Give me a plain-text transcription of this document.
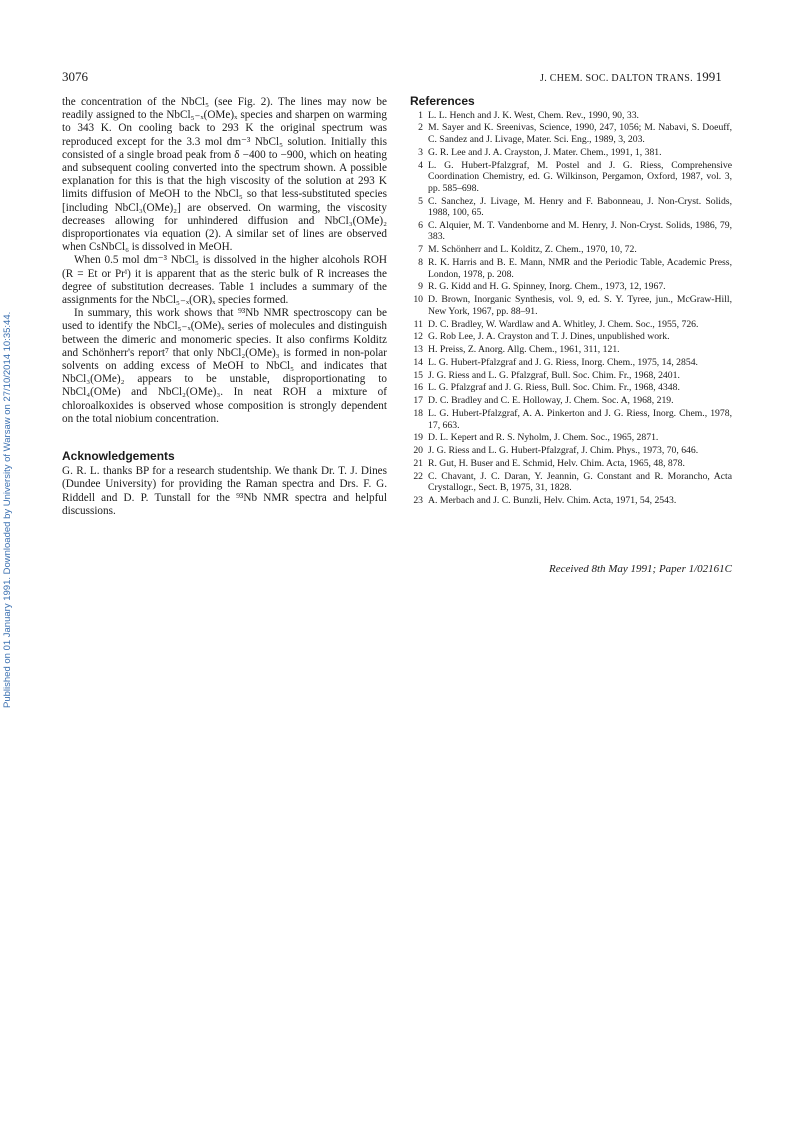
3076	J. CHEM. SOC. DALTON TRANS. 1991
Published on 01 January 1991. Downloaded by University of Warsaw on 27/10/2014 10:35:44.

the concentration of the NbCl₅ (see Fig. 2). The lines may now be readily assigned to the NbCl₅₋ₓ(OMe)ₓ species and sharpen on warming to 343 K. On cooling back to 293 K the original spectrum was reproduced except for the 3.3 mol dm⁻³ NbCl₅ solution. Initially this consisted of a single broad peak from δ −400 to −900, which on heating and subsequent cooling converted into the spectrum shown. A possible explanation for this is that the high viscosity of the solution at 293 K limits diffusion of MeOH to the NbCl₅ so that less-substituted species [including NbCl₃(OMe)₂] are observed. On warming, the viscosity decreases allowing for unhindered diffusion and NbCl₃(OMe)₂ disproportionates via equation (2). A similar set of lines are observed when CsNbCl₆ is dissolved in MeOH.

When 0.5 mol dm⁻³ NbCl₅ is dissolved in the higher alcohols ROH (R = Et or Prⁱ) it is apparent that as the steric bulk of R increases the degree of substitution decreases. Table 1 includes a summary of the assignments for the NbCl₅₋ₓ(OR)ₓ species formed.

In summary, this work shows that ⁹³Nb NMR spectroscopy can be used to identify the NbCl₅₋ₓ(OMe)ₓ series of molecules and distinguish between the dimeric and monomeric species. It also confirms Kolditz and Schönherr's report⁷ that only NbCl₂(OMe)₃ is formed in non-polar solvents on adding excess of MeOH to NbCl₅ and indicates that NbCl₃(OMe)₂ appears to be unstable, disproportionating to NbCl₄(OMe) and NbCl₂(OMe)₃. In neat ROH a mixture of chloroalkoxides is observed whose composition is strongly dependent on the total niobium concentration.

Acknowledgements
G. R. L. thanks BP for a research studentship. We thank Dr. T. J. Dines (Dundee University) for providing the Raman spectra and Drs. F. G. Riddell and D. P. Tunstall for the ⁹³Nb NMR spectra and helpful discussions.
References
1 L. L. Hench and J. K. West, Chem. Rev., 1990, 90, 33.
2 M. Sayer and K. Sreenivas, Science, 1990, 247, 1056; M. Nabavi, S. Doeuff, C. Sandez and J. Livage, Mater. Sci. Eng., 1989, 3, 203.
3 G. R. Lee and J. A. Crayston, J. Mater. Chem., 1991, 1, 381.
4 L. G. Hubert-Pfalzgraf, M. Postel and J. G. Riess, Comprehensive Coordination Chemistry, ed. G. Wilkinson, Pergamon, Oxford, 1987, vol. 3, pp. 585–698.
5 C. Sanchez, J. Livage, M. Henry and F. Babonneau, J. Non-Cryst. Solids, 1988, 100, 65.
6 C. Alquier, M. T. Vandenborne and M. Henry, J. Non-Cryst. Solids, 1986, 79, 383.
7 M. Schönherr and L. Kolditz, Z. Chem., 1970, 10, 72.
8 R. K. Harris and B. E. Mann, NMR and the Periodic Table, Academic Press, London, 1978, p. 208.
9 R. G. Kidd and H. G. Spinney, Inorg. Chem., 1973, 12, 1967.
10 D. Brown, Inorganic Synthesis, vol. 9, ed. S. Y. Tyree, jun., McGraw-Hill, New York, 1967, pp. 88–91.
11 D. C. Bradley, W. Wardlaw and A. Whitley, J. Chem. Soc., 1955, 726.
12 G. Rob Lee, J. A. Crayston and T. J. Dines, unpublished work.
13 H. Preiss, Z. Anorg. Allg. Chem., 1961, 311, 121.
14 L. G. Hubert-Pfalzgraf and J. G. Riess, Inorg. Chem., 1975, 14, 2854.
15 J. G. Riess and L. G. Pfalzgraf, Bull. Soc. Chim. Fr., 1968, 2401.
16 L. G. Pfalzgraf and J. G. Riess, Bull. Soc. Chim. Fr., 1968, 4348.
17 D. C. Bradley and C. E. Holloway, J. Chem. Soc. A, 1968, 219.
18 L. G. Hubert-Pfalzgraf, A. A. Pinkerton and J. G. Riess, Inorg. Chem., 1978, 17, 663.
19 D. L. Kepert and R. S. Nyholm, J. Chem. Soc., 1965, 2871.
20 J. G. Riess and L. G. Hubert-Pfalzgraf, J. Chim. Phys., 1973, 70, 646.
21 R. Gut, H. Buser and E. Schmid, Helv. Chim. Acta, 1965, 48, 878.
22 C. Chavant, J. C. Daran, Y. Jeannin, G. Constant and R. Morancho, Acta Crystallogr., Sect. B, 1975, 31, 1828.
23 A. Merbach and J. C. Bunzli, Helv. Chim. Acta, 1971, 54, 2543.
Received 8th May 1991; Paper 1/02161C
